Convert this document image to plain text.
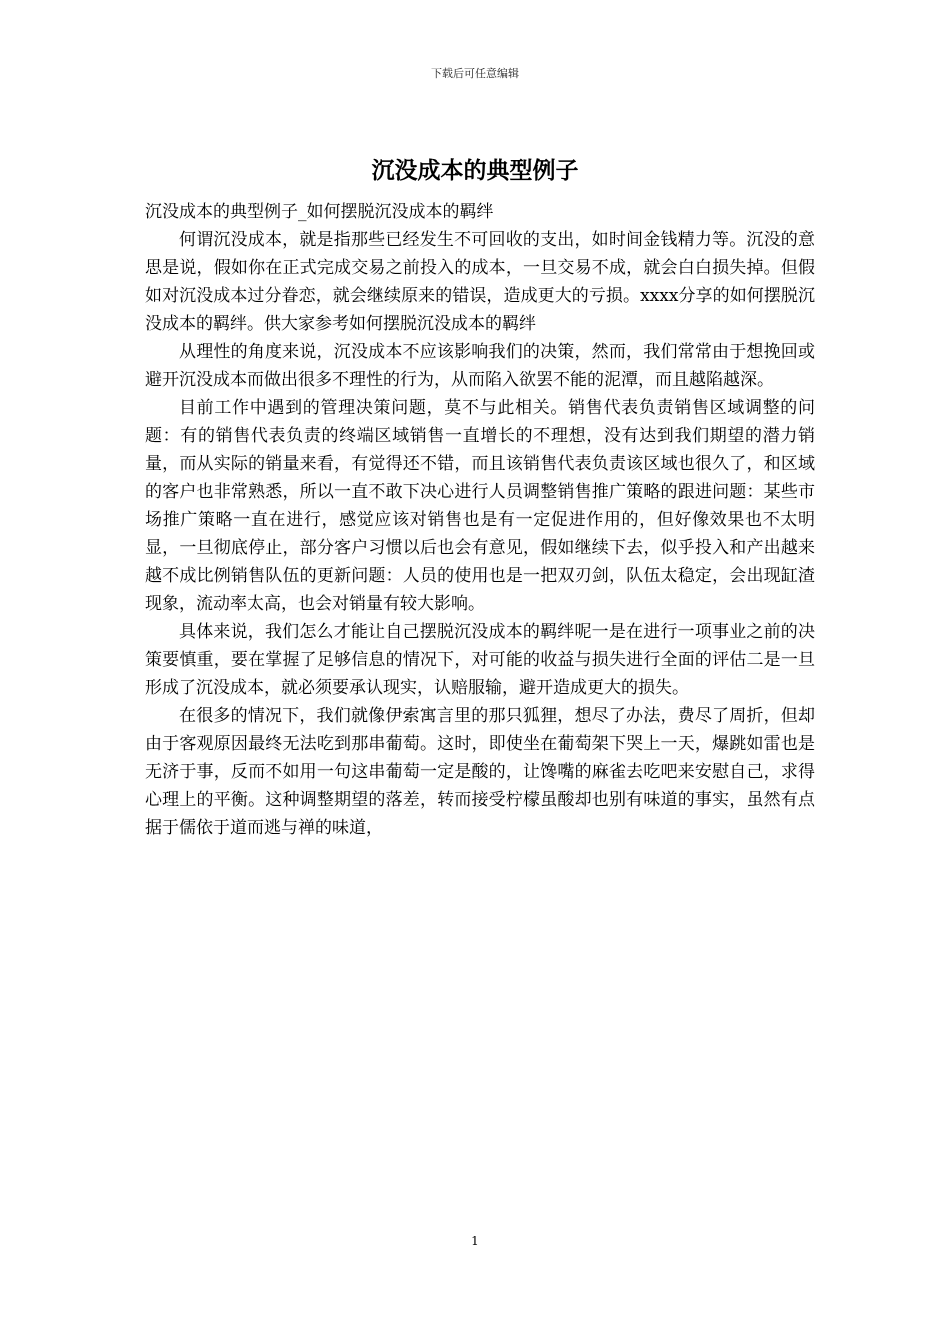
下载后可任意编辑
沉没成本的典型例子

沉没成本的典型例子_如何摆脱沉没成本的羁绊

何谓沉没成本，就是指那些已经发生不可回收的支出，如时间金钱精力等。沉没的意思是说，假如你在正式完成交易之前投入的成本，一旦交易不成，就会白白损失掉。但假如对沉没成本过分眷恋，就会继续原来的错误，造成更大的亏损。xxxx分享的如何摆脱沉没成本的羁绊。供大家参考如何摆脱沉没成本的羁绊

从理性的角度来说，沉没成本不应该影响我们的决策，然而，我们常常由于想挽回或避开沉没成本而做出很多不理性的行为，从而陷入欲罢不能的泥潭，而且越陷越深。

目前工作中遇到的管理决策问题，莫不与此相关。销售代表负责销售区域调整的问题：有的销售代表负责的终端区域销售一直增长的不理想，没有达到我们期望的潜力销量，而从实际的销量来看，有觉得还不错，而且该销售代表负责该区域也很久了，和区域的客户也非常熟悉，所以一直不敢下决心进行人员调整销售推广策略的跟进问题：某些市场推广策略一直在进行，感觉应该对销售也是有一定促进作用的，但好像效果也不太明显，一旦彻底停止，部分客户习惯以后也会有意见，假如继续下去，似乎投入和产出越来越不成比例销售队伍的更新问题：人员的使用也是一把双刃剑，队伍太稳定，会出现缸渣现象，流动率太高，也会对销量有较大影响。

具体来说，我们怎么才能让自己摆脱沉没成本的羁绊呢一是在进行一项事业之前的决策要慎重，要在掌握了足够信息的情况下，对可能的收益与损失进行全面的评估二是一旦形成了沉没成本，就必须要承认现实，认赔服输，避开造成更大的损失。

在很多的情况下，我们就像伊索寓言里的那只狐狸，想尽了办法，费尽了周折，但却由于客观原因最终无法吃到那串葡萄。这时，即使坐在葡萄架下哭上一天，爆跳如雷也是无济于事，反而不如用一句这串葡萄一定是酸的，让馋嘴的麻雀去吃吧来安慰自己，求得心理上的平衡。这种调整期望的落差，转而接受柠檬虽酸却也别有味道的事实，虽然有点据于儒依于道而逃与禅的味道，

1
